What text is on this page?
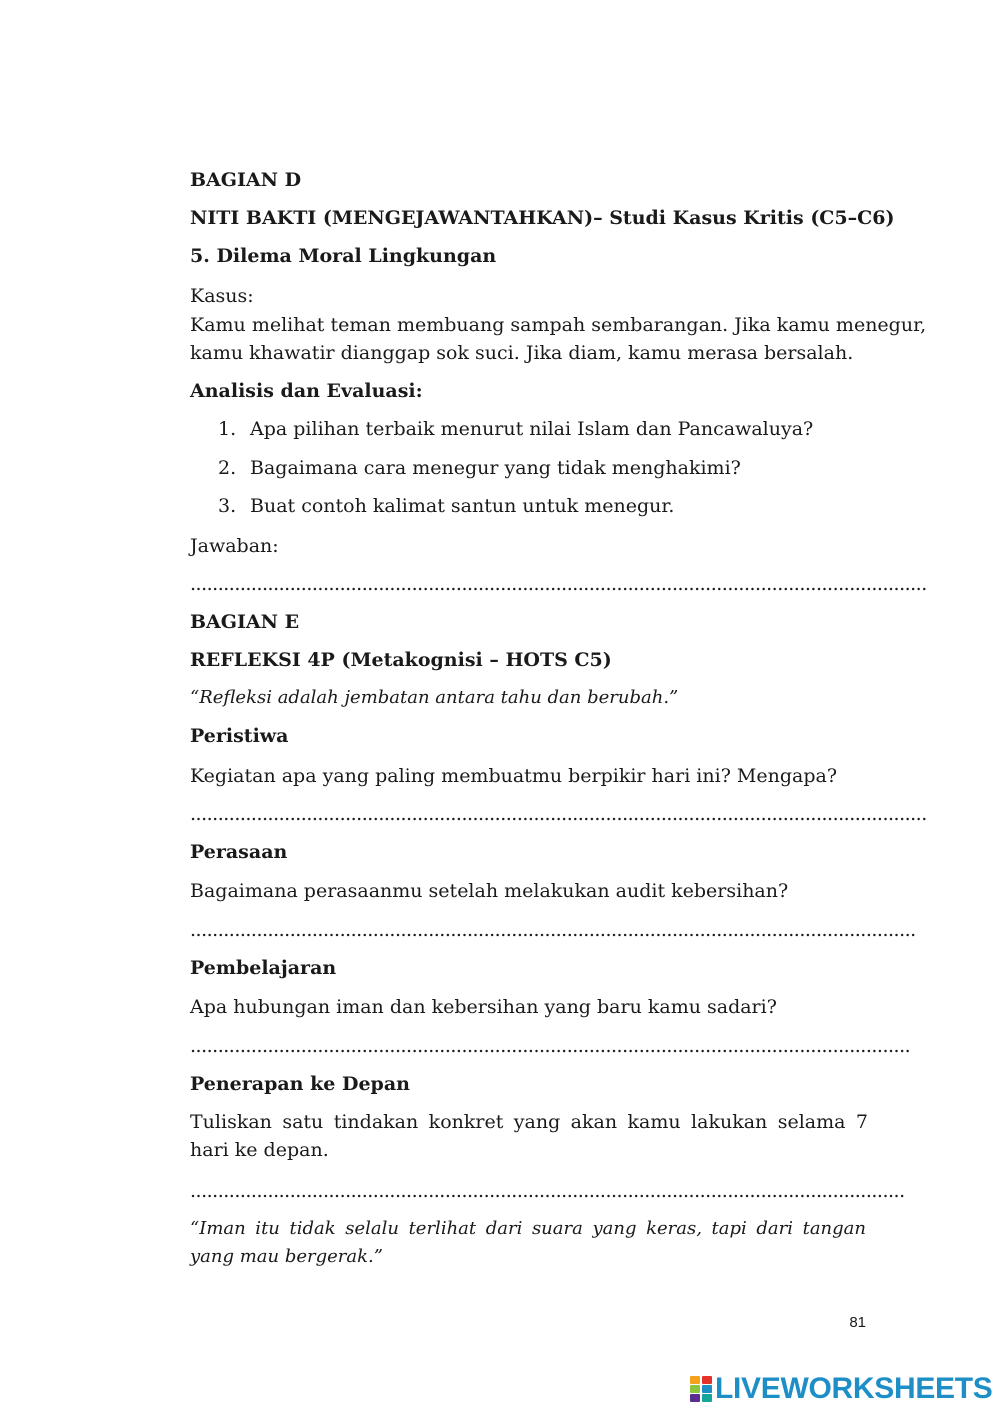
BAGIAN D
NITI BAKTI (MENGEJAWANTAHKAN)– Studi Kasus Kritis (C5–C6)
5. Dilema Moral Lingkungan
Kasus:
Kamu melihat teman membuang sampah sembarangan. Jika kamu menegur,
kamu khawatir dianggap sok suci. Jika diam, kamu merasa bersalah.
Analisis dan Evaluasi:
1. Apa pilihan terbaik menurut nilai Islam dan Pancawaluya?
2. Bagaimana cara menegur yang tidak menghakimi?
3. Buat contoh kalimat santun untuk menegur.
Jawaban:
.....................................................................................................................................
BAGIAN E
REFLEKSI 4P (Metakognisi – HOTS C5)
“Refleksi adalah jembatan antara tahu dan berubah.”
Peristiwa
Kegiatan apa yang paling membuatmu berpikir hari ini? Mengapa?
.....................................................................................................................................
Perasaan
Bagaimana perasaanmu setelah melakukan audit kebersihan?
...................................................................................................................................
Pembelajaran
Apa hubungan iman dan kebersihan yang baru kamu sadari?
..................................................................................................................................
Penerapan ke Depan
Tuliskan satu tindakan konkret yang akan kamu lakukan selama 7 hari ke depan.
.................................................................................................................................
“Iman itu tidak selalu terlihat dari suara yang keras, tapi dari tangan yang mau bergerak.”
81
LIVEWORKSHEETS
